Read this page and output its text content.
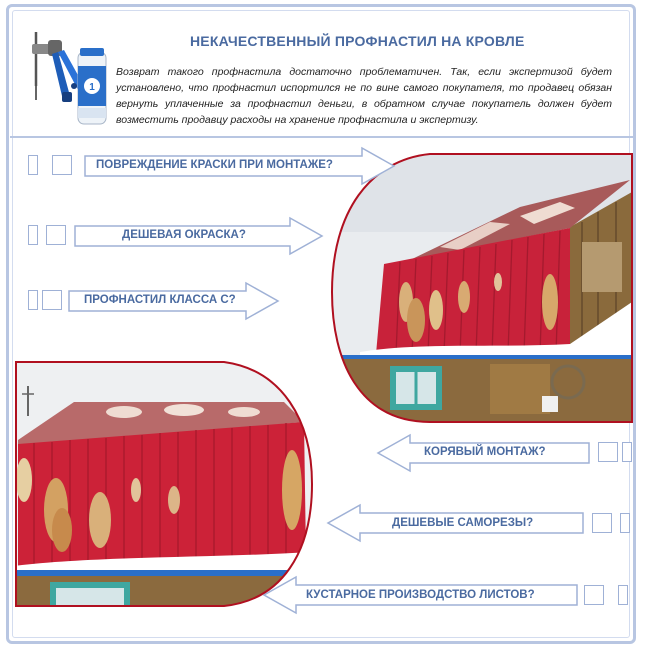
1
НЕКАЧЕСТВЕННЫЙ ПРОФНАСТИЛ НА КРОВЛЕ
Возврат такого профнастила достаточно проблематичен. Так, если экспертизой будет установлено, что профнастил испортился не по вине самого покупателя, то продавец обязан вернуть уплаченные за профнастил деньги, в обратном случае покупатель должен будет возместить продавцу расходы на хранение профнастила и экспертизу.
ПОВРЕЖДЕНИЕ КРАСКИ ПРИ МОНТАЖЕ?
ДЕШЕВАЯ ОКРАСКА?
ПРОФНАСТИЛ КЛАССА С?
КОРЯВЫЙ МОНТАЖ?
ДЕШЕВЫЕ САМОРЕЗЫ?
КУСТАРНОЕ ПРОИЗВОДСТВО ЛИСТОВ?
